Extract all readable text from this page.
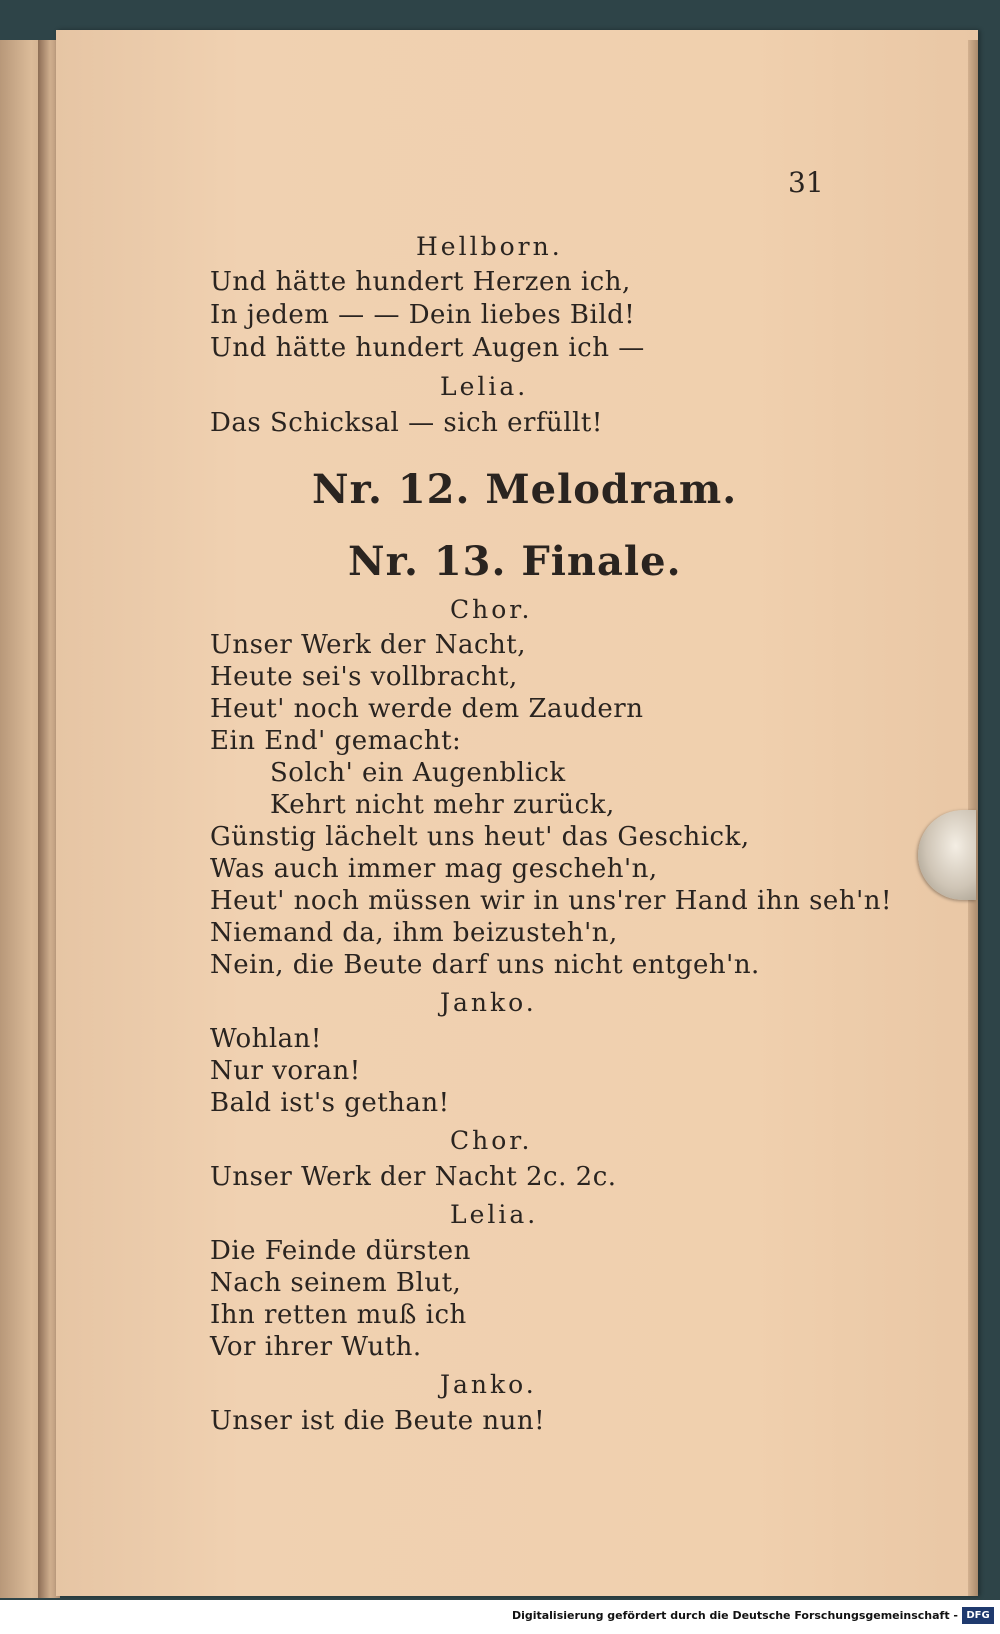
31
Hellborn.
Und hätte hundert Herzen ich,
In jedem — — Dein liebes Bild!
Und hätte hundert Augen ich —
Lelia.
Das Schicksal — sich erfüllt!
Nr. 12. Melodram.
Nr. 13. Finale.
Chor.
Unser Werk der Nacht,
Heute sei's vollbracht,
Heut' noch werde dem Zaudern
Ein End' gemacht:
Solch' ein Augenblick
Kehrt nicht mehr zurück,
Günstig lächelt uns heut' das Geschick,
Was auch immer mag gescheh'n,
Heut' noch müssen wir in uns'rer Hand ihn seh'n!
Niemand da, ihm beizusteh'n,
Nein, die Beute darf uns nicht entgeh'n.
Janko.
Wohlan!
Nur voran!
Bald ist's gethan!
Chor.
Unser Werk der Nacht 2c. 2c.
Lelia.
Die Feinde dürsten
Nach seinem Blut,
Ihn retten muß ich
Vor ihrer Wuth.
Janko.
Unser ist die Beute nun!
Digitalisierung gefördert durch die Deutsche Forschungsgemeinschaft - DFG
